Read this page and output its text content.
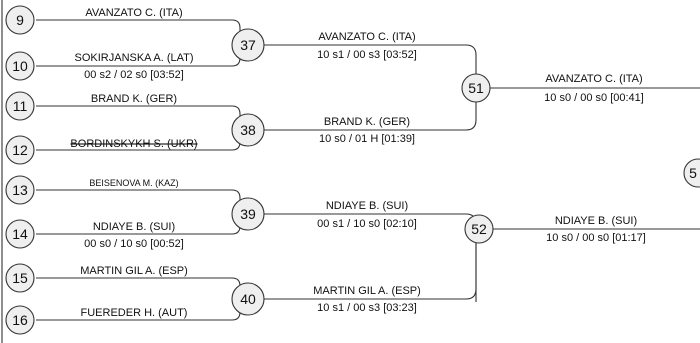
9	AVANZATO C. (ITA)
10	SOKIRJANSKA A. (LAT)
00 s2 / 02 s0 [03:52]
11	BRAND K. (GER)
12	BORDINSKYKH S. (UKR)
13	BEISENOVA M. (KAZ)
14	NDIAYE B. (SUI)
00 s0 / 10 s0 [00:52]
15	MARTIN GIL A. (ESP)
16	FUEREDER H. (AUT)
37	AVANZATO C. (ITA)
10 s1 / 00 s3 [03:52]
38	BRAND K. (GER)
10 s0 / 01 H [01:39]
39	NDIAYE B. (SUI)
00 s1 / 10 s0 [02:10]
40	MARTIN GIL A. (ESP)
10 s1 / 00 s3 [03:23]
51
AVANZATO C. (ITA)
10 s0 / 00 s0 [00:41]
52	NDIAYE B. (SUI)
10 s0 / 00 s0 [01:17]
5
